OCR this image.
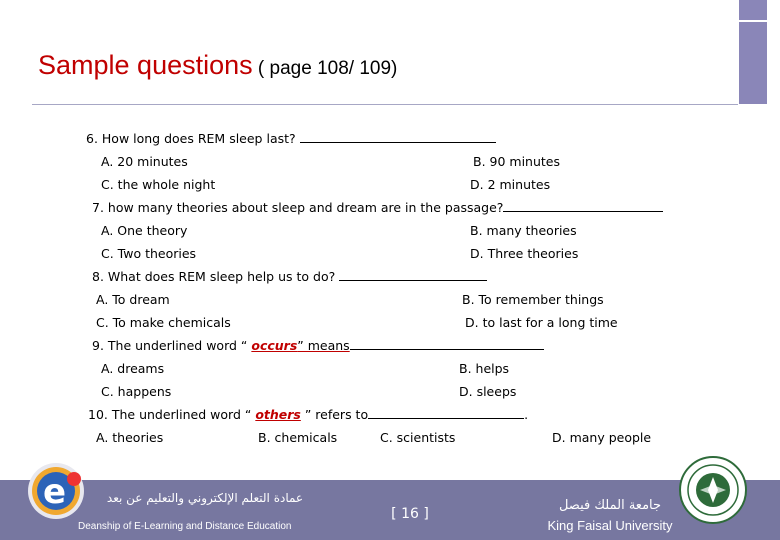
Sample questions ( page 108/ 109)
6. How long does REM sleep last?
A. 20 minutes	B. 90 minutes
C. the whole night	D. 2 minutes
7. how many theories about sleep and dream are in the passage?
A. One theory	B. many theories
C. Two theories	D. Three theories
8. What does REM sleep help us to do?
A. To dream	B. To remember things
C. To make chemicals	D. to last for a long time
9. The underlined word “ occurs” means
A. dreams	B. helps
C. happens	D. sleeps
10. The underlined word “ others ” refers to	.
A. theories	B. chemicals	C. scientists	D. many people
e	عمادة التعلم الإلكتروني والتعليم عن بعد
Deanship of E-Learning and Distance Education
[ 16 ]
جامعة الملك فيصل
King Faisal University
